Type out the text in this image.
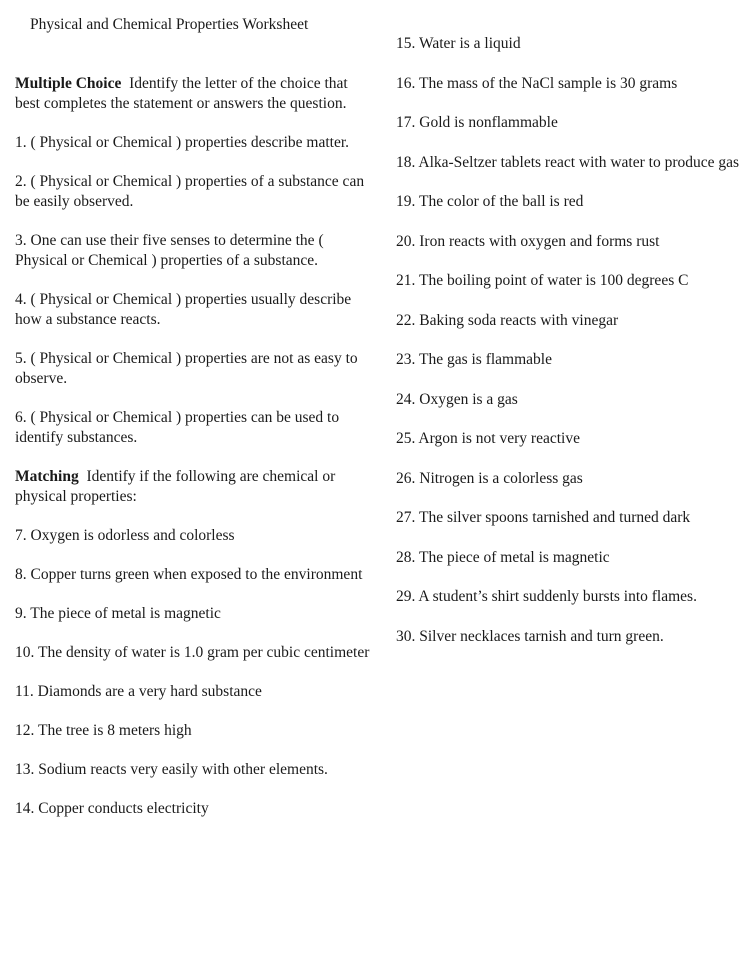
Physical and Chemical Properties Worksheet
Multiple Choice Identify the letter of the choice that best completes the statement or answers the question.
1. ( Physical or Chemical ) properties describe matter.
2. ( Physical or Chemical ) properties of a substance can be easily observed.
3. One can use their five senses to determine the ( Physical or Chemical ) properties of a substance.
4. ( Physical or Chemical ) properties usually describe how a substance reacts.
5. ( Physical or Chemical ) properties are not as easy to observe.
6. ( Physical or Chemical ) properties can be used to identify substances.
Matching Identify if the following are chemical or physical properties:
7. Oxygen is odorless and colorless
8. Copper turns green when exposed to the environment
9. The piece of metal is magnetic
10. The density of water is 1.0 gram per cubic centimeter
11. Diamonds are a very hard substance
12. The tree is 8 meters high
13. Sodium reacts very easily with other elements.
14. Copper conducts electricity
15. Water is a liquid
16. The mass of the NaCl sample is 30 grams
17. Gold is nonflammable
18. Alka-Seltzer tablets react with water to produce gas
19. The color of the ball is red
20. Iron reacts with oxygen and forms rust
21. The boiling point of water is 100 degrees C
22. Baking soda reacts with vinegar
23. The gas is flammable
24. Oxygen is a gas
25. Argon is not very reactive
26. Nitrogen is a colorless gas
27. The silver spoons tarnished and turned dark
28. The piece of metal is magnetic
29. A student’s shirt suddenly bursts into flames.
30. Silver necklaces tarnish and turn green.
